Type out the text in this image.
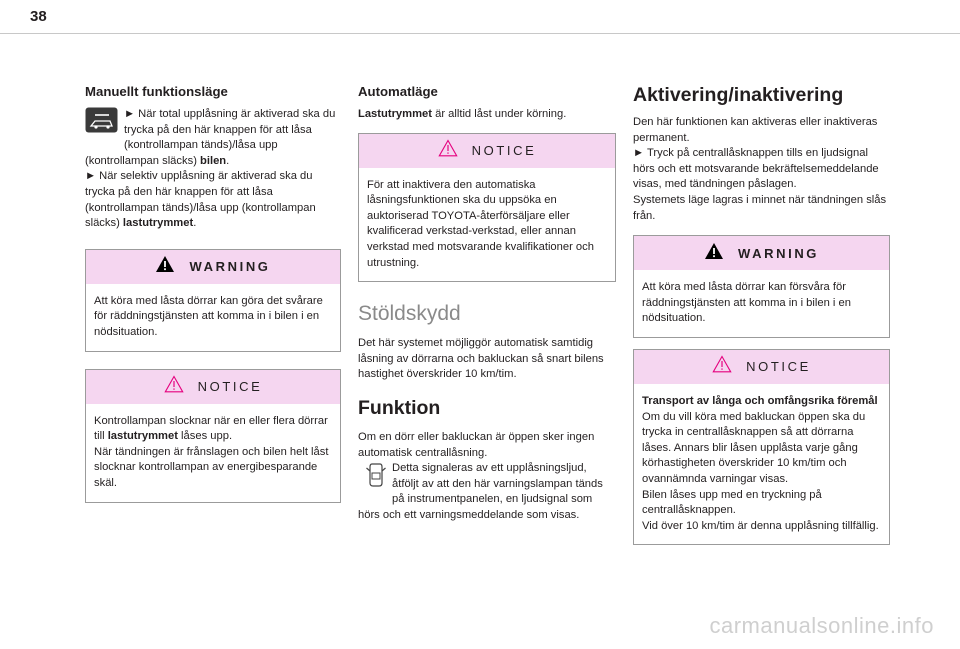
38
Manuellt funktionsläge

► När total upplåsning är aktiverad ska du trycka på den här knappen för att låsa (kontrollampan tänds)/låsa upp (kontrollampan släcks) bilen.

► När selektiv upplåsning är aktiverad ska du trycka på den här knappen för att låsa (kontrollampan tänds)/låsa upp (kontrollampan släcks) lastutrymmet.

WARNING

Att köra med låsta dörrar kan göra det svårare för räddningstjänsten att komma in i bilen i en nödsituation.

NOTICE

Kontrollampan slocknar när en eller flera dörrar till lastutrymmet låses upp.

När tändningen är frånslagen och bilen helt låst slocknar kontrollampan av energibesparande skäl.

Automatläge

Lastutrymmet är alltid låst under körning.

NOTICE

För att inaktivera den automatiska låsningsfunktionen ska du uppsöka en auktoriserad TOYOTA-återförsäljare eller kvalificerad verkstad-verkstad, eller annan verkstad med motsvarande kvalifikationer och utrustning.

Stöldskydd

Det här systemet möjliggör automatisk samtidig låsning av dörrarna och bakluckan så snart bilens hastighet överskrider 10 km/tim.

Funktion

Om en dörr eller bakluckan är öppen sker ingen automatisk centrallåsning.

Detta signaleras av ett upplåsningsljud, åtföljt av att den här varningslampan tänds på instrumentpanelen, en ljudsignal som hörs och ett varningsmeddelande som visas.

Aktivering/inaktivering

Den här funktionen kan aktiveras eller inaktiveras permanent.

► Tryck på centrallåsknappen tills en ljudsignal hörs och ett motsvarande bekräftelsemeddelande visas, med tändningen påslagen.

Systemets läge lagras i minnet när tändningen slås från.

WARNING

Att köra med låsta dörrar kan försvåra för räddningstjänsten att komma in i bilen i en nödsituation.

NOTICE

Transport av långa och omfångsrika föremål

Om du vill köra med bakluckan öppen ska du trycka in centrallåsknappen så att dörrarna låses. Annars blir låsen upplåsta varje gång körhastigheten överskrider 10 km/tim och ovannämnda varningar visas.

Bilen låses upp med en tryckning på centrallåsknappen.

Vid över 10 km/tim är denna upplåsning tillfällig.

carmanualsonline.info
